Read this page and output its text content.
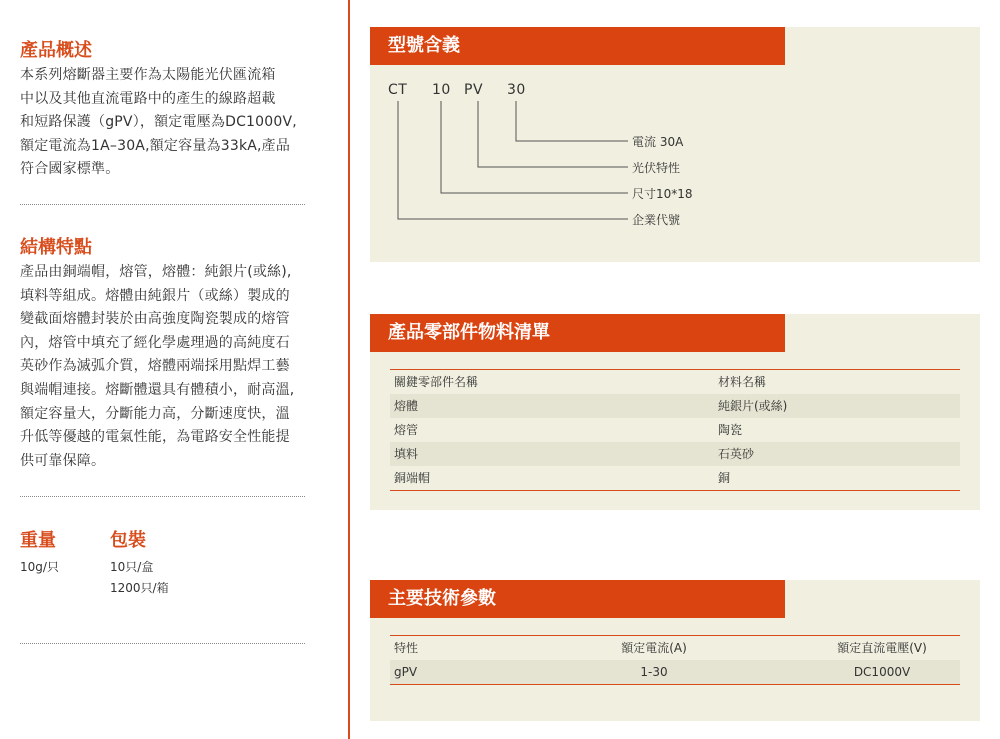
產品概述

本系列熔斷器主要作為太陽能光伏匯流箱
中以及其他直流電路中的產生的線路超載
和短路保護（gPV），額定電壓為DC1000V,
額定電流為1A–30A,額定容量為33kA,產品
符合國家標準。

結構特點

產品由銅端帽，熔管，熔體：純銀片(或絲),
填料等組成。熔體由純銀片（或絲）製成的
變截面熔體封裝於由高強度陶瓷製成的熔管
內，熔管中填充了經化學處理過的高純度石
英砂作為滅弧介質，熔體兩端採用點焊工藝
與端帽連接。熔斷體還具有體積小，耐高溫,
額定容量大，分斷能力高，分斷速度快，溫
升低等優越的電氣性能，為電路安全性能提
供可靠保障。

重量
10g/只
包裝
10只/盒
1200只/箱
型號含義
CT 10 PV 30
電流 30A
光伏特性
尺寸10*18
企業代號
產品零部件物料清單
關鍵零部件名稱	材料名稱
熔體	純銀片(或絲)
熔管	陶瓷
填料	石英砂
銅端帽	銅
主要技術參數
特性	額定電流(A)	額定直流電壓(V)
gPV	1-30	DC1000V
